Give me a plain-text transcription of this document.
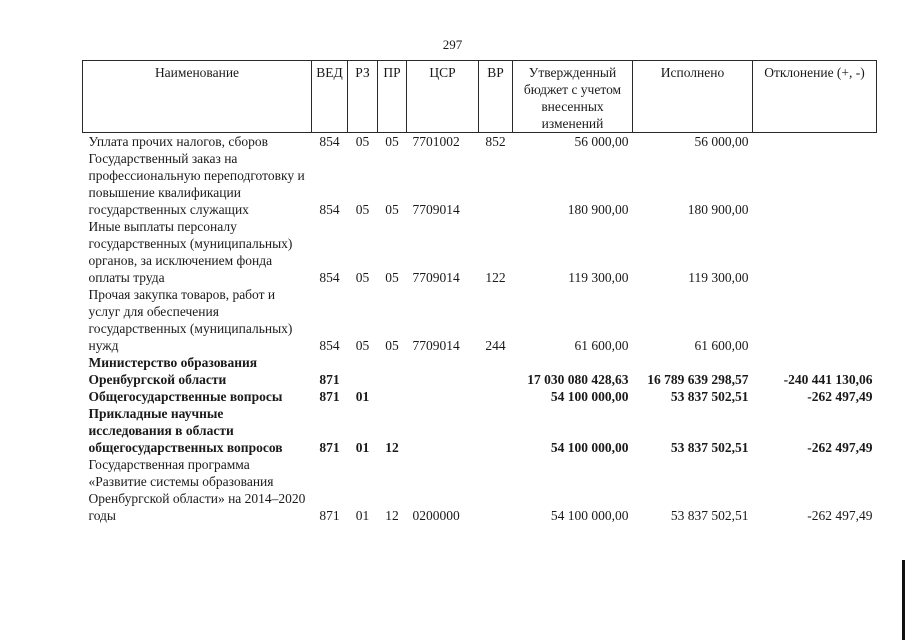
297
Наименование	ВЕД	РЗ	ПР	ЦСР	ВР	Утвержденный бюджет с учетом внесенных изменений	Исполнено	Отклонение (+, -)
Уплата прочих налогов, сборов	854	05	05	7701002	852	56 000,00	56 000,00	
Государственный заказ на профессиональную переподготовку и повышение квалификации государственных служащих	854	05	05	7709014		180 900,00	180 900,00	
Иные выплаты персоналу государственных (муниципальных) органов, за исключением фонда оплаты труда	854	05	05	7709014	122	119 300,00	119 300,00	
Прочая закупка товаров, работ и услуг для обеспечения государственных (муниципальных) нужд	854	05	05	7709014	244	61 600,00	61 600,00	
Министерство образования Оренбургской области	871					17 030 080 428,63	16 789 639 298,57	-240 441 130,06
Общегосударственные вопросы	871	01				54 100 000,00	53 837 502,51	-262 497,49
Прикладные научные исследования в области общегосударственных вопросов	871	01	12			54 100 000,00	53 837 502,51	-262 497,49
Государственная программа «Развитие системы образования Оренбургской области» на 2014–2020 годы	871	01	12	0200000		54 100 000,00	53 837 502,51	-262 497,49
